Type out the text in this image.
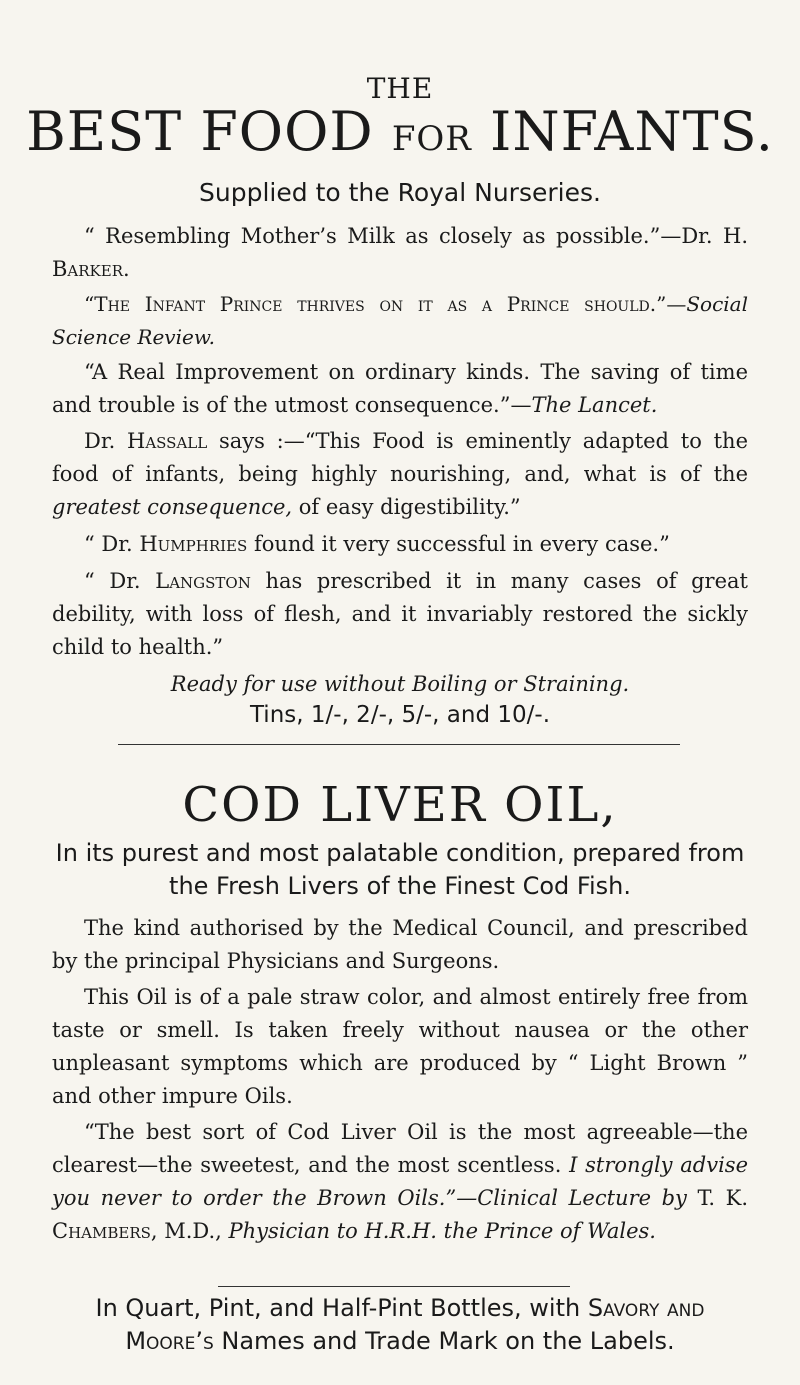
THE
BEST FOOD FOR INFANTS.
Supplied to the Royal Nurseries.
“ Resembling Mother’s Milk as closely as possible.”—Dr. H. Barker.
“The Infant Prince thrives on it as a Prince should.”—Social Science Review.
“A Real Improvement on ordinary kinds. The saving of time and trouble is of the utmost consequence.”—The Lancet.
Dr. Hassall says :—“This Food is eminently adapted to the food of infants, being highly nourishing, and, what is of the greatest consequence, of easy digestibility.”
“ Dr. Humphries found it very successful in every case.”
“ Dr. Langston has prescribed it in many cases of great debility, with loss of flesh, and it invariably restored the sickly child to health.”
Ready for use without Boiling or Straining.
Tins, 1/-, 2/-, 5/-, and 10/-.
COD LIVER OIL,
In its purest and most palatable condition, prepared from the Fresh Livers of the Finest Cod Fish.
The kind authorised by the Medical Council, and prescribed by the principal Physicians and Surgeons.
This Oil is of a pale straw color, and almost entirely free from taste or smell. Is taken freely without nausea or the other unpleasant symptoms which are produced by “ Light Brown ” and other impure Oils.
“The best sort of Cod Liver Oil is the most agreeable—the clearest—the sweetest, and the most scentless. I strongly advise you never to order the Brown Oils.”—Clinical Lecture by T. K. Chambers, M.D., Physician to H.R.H. the Prince of Wales.
In Quart, Pint, and Half-Pint Bottles, with Savory and Moore’s Names and Trade Mark on the Labels.
